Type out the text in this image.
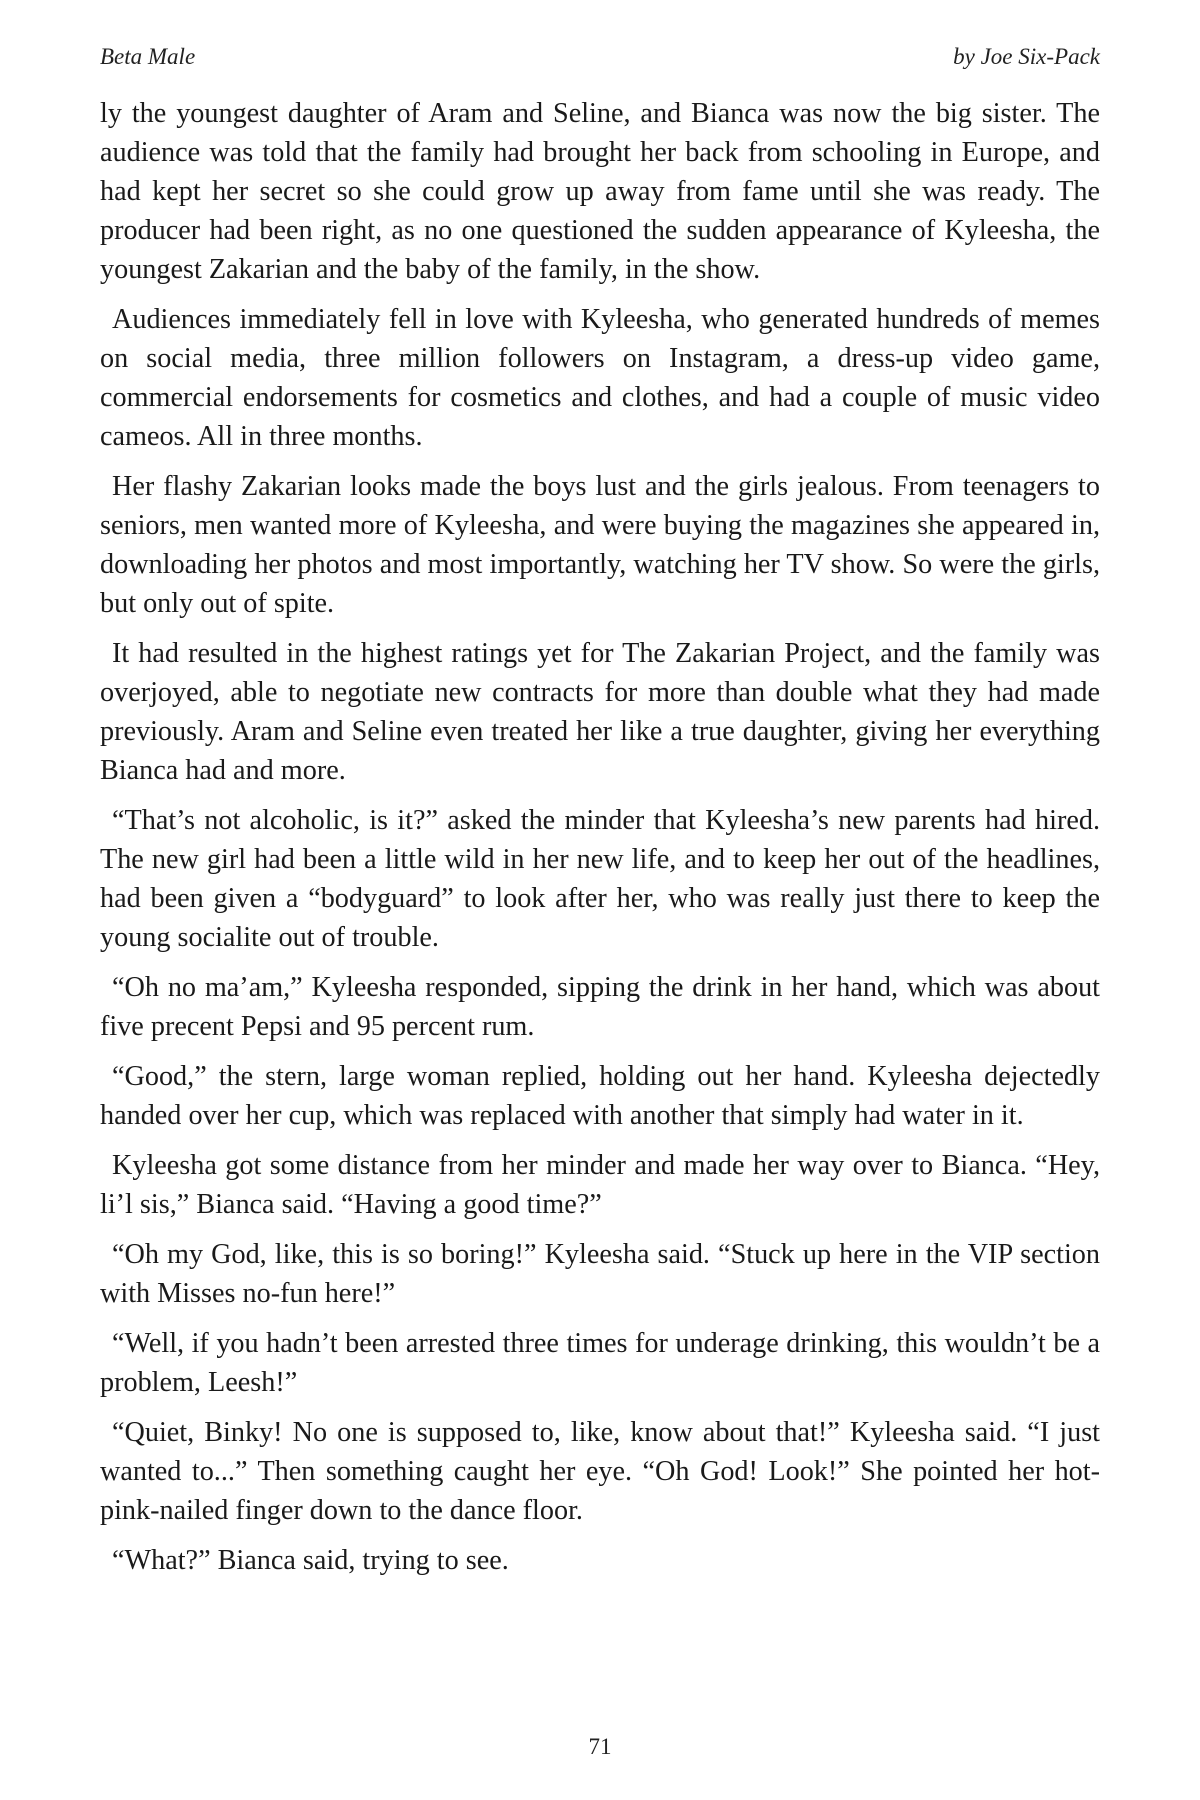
Beta Male	by Joe Six-Pack

ly the youngest daughter of Aram and Seline, and Bianca was now the big sister. The audience was told that the family had brought her back from schooling in Europe, and had kept her secret so she could grow up away from fame until she was ready. The producer had been right, as no one questioned the sudden appearance of Kyleesha, the youngest Zakarian and the baby of the family, in the show.

Audiences immediately fell in love with Kyleesha, who generated hundreds of memes on social media, three million followers on Instagram, a dress-up video game, commercial endorsements for cosmetics and clothes, and had a couple of music video cameos. All in three months.

Her flashy Zakarian looks made the boys lust and the girls jealous. From teenagers to seniors, men wanted more of Kyleesha, and were buying the magazines she appeared in, downloading her photos and most importantly, watching her TV show. So were the girls, but only out of spite.

It had resulted in the highest ratings yet for The Zakarian Project, and the family was overjoyed, able to negotiate new contracts for more than double what they had made previously. Aram and Seline even treated her like a true daughter, giving her everything Bianca had and more.

“That’s not alcoholic, is it?” asked the minder that Kyleesha’s new parents had hired. The new girl had been a little wild in her new life, and to keep her out of the headlines, had been given a “bodyguard” to look after her, who was really just there to keep the young socialite out of trouble.

“Oh no ma’am,” Kyleesha responded, sipping the drink in her hand, which was about five precent Pepsi and 95 percent rum.

“Good,” the stern, large woman replied, holding out her hand. Kyleesha dejectedly handed over her cup, which was replaced with another that simply had water in it.

Kyleesha got some distance from her minder and made her way over to Bianca. “Hey, li’l sis,” Bianca said. “Having a good time?”

“Oh my God, like, this is so boring!” Kyleesha said. “Stuck up here in the VIP section with Misses no-fun here!”

“Well, if you hadn’t been arrested three times for underage drinking, this wouldn’t be a problem, Leesh!”

“Quiet, Binky! No one is supposed to, like, know about that!” Kyleesha said. “I just wanted to...” Then something caught her eye. “Oh God! Look!” She pointed her hot-pink-nailed finger down to the dance floor.

“What?” Bianca said, trying to see.

71
